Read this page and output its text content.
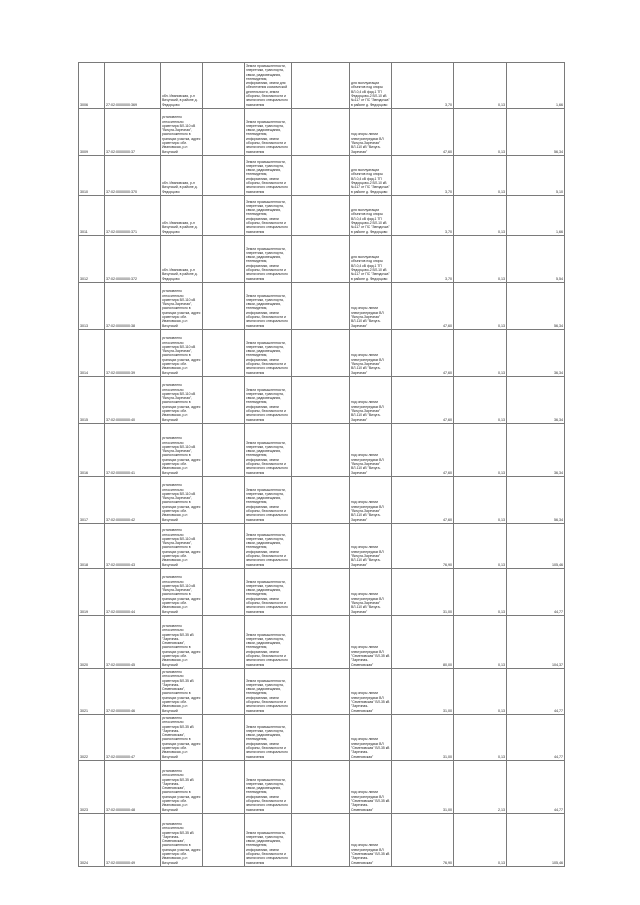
3006	27:02:0000000:369	обл. Ивановская, р-н Вичугский, в районе д. Федорцово		Земли промышленности, энергетики, транспорта, связи, радиовещания, телевидения, информатики, земли для обеспечения космической деятельности, земли обороны, безопасности и земли иного специального назначения		для эксплуатации объектов под опоры ВЛ-0,4 кВ фид.1 ТП Федорцово-2 ВЛ-10 кВ №117 от ПС "Звездочка" в районе д. Федорцово	3,70	0,13	1,66
3009	37:02:0000000:37	установлено относительно ориентира ВЛ-110 кВ "Вичуга-Заречная", расположенного в границах участка, адрес ориентира: обл. Ивановская, р-н Вичугский		Земли промышленности, энергетики, транспорта, связи, радиовещания, телевидения, информатики, земли обороны, безопасности и земли иного специального назначения		под опоры линии электропередачи ВЛ "Вичуга-Заречная" ВЛ-110 кВ "Вичуга-Заречная"	47,60	0,13	56,34
3010	37:02:0000000:370	обл. Ивановская, р-н Вичугский, в районе д. Федорцово		Земли промышленности, энергетики, транспорта, связи, радиовещания, телевидения, информатики, земли обороны, безопасности и земли иного специального назначения		для эксплуатации объектов под опоры ВЛ-0,4 кВ фид.1 ТП Федорцово-2 ВЛ-10 кВ №117 от ПС "Звездочка" в районе д. Федорцово	3,70	0,13	5,10
3011	37:02:0000000:371	обл. Ивановская, р-н Вичугский, в районе д. Федорцово		Земли промышленности, энергетики, транспорта, связи, радиовещания, телевидения, информатики, земли обороны, безопасности и земли иного специального назначения		для эксплуатации объектов под опоры ВЛ-0,4 кВ фид.1 ТП Федорцово-2 ВЛ-10 кВ №117 от ПС "Звездочка" в районе д. Федорцово	3,70	0,13	1,66
3012	37:02:0000000:372	обл. Ивановская, р-н Вичугский, в районе д. Федорцово		Земли промышленности, энергетики, транспорта, связи, радиовещания, телевидения, информатики, земли обороны, безопасности и земли иного специального назначения		для эксплуатации объектов под опоры ВЛ-0,4 кВ фид.1 ТП Федорцово-2 ВЛ-10 кВ №117 от ПС "Звездочка" в районе д. Федорцово	3,70	0,13	5,54
3013	37:02:0000000:38	установлено относительно ориентира ВЛ-110 кВ "Вичуга-Заречная", расположенного в границах участка, адрес ориентира: обл. Ивановская, р-н Вичугский		Земли промышленности, энергетики, транспорта, связи, радиовещания, телевидения, информатики, земли обороны, безопасности и земли иного специального назначения		под опоры линии электропередачи ВЛ "Вичуга-Заречная" ВЛ-110 кВ "Вичуга-Заречная"	47,60	0,13	56,34
3014	37:02:0000000:39	установлено относительно ориентира ВЛ-110 кВ "Вичуга-Заречная", расположенного в границах участка, адрес ориентира: обл. Ивановская, р-н Вичугский		Земли промышленности, энергетики, транспорта, связи, радиовещания, телевидения, информатики, земли обороны, безопасности и земли иного специального назначения		под опоры линии электропередачи ВЛ "Вичуга-Заречная" ВЛ-110 кВ "Вичуга-Заречная"	47,60	0,13	36,34
3015	37:02:0000000:40	установлено относительно ориентира ВЛ-110 кВ "Вичуга-Заречная", расположенного в границах участка, адрес ориентира: обл. Ивановская, р-н Вичугский		Земли промышленности, энергетики, транспорта, связи, радиовещания, телевидения, информатики, земли обороны, безопасности и земли иного специального назначения		под опоры линии электропередачи ВЛ "Вичуга-Заречная" ВЛ-110 кВ "Вичуга-Заречная"	47,60	0,13	36,34
3016	37:02:0000000:41	установлено относительно ориентира ВЛ-110 кВ "Вичуга-Заречная", расположенного в границах участка, адрес ориентира: обл. Ивановская, р-н Вичугский		Земли промышленности, энергетики, транспорта, связи, радиовещания, телевидения, информатики, земли обороны, безопасности и земли иного специального назначения		под опоры линии электропередачи ВЛ "Вичуга-Заречная" ВЛ-110 кВ "Вичуга-Заречная"	47,60	0,13	36,34
3017	37:02:0000000:42	установлено относительно ориентира ВЛ-110 кВ "Вичуга-Заречная", расположенного в границах участка, адрес ориентира: обл. Ивановская, р-н Вичугский		Земли промышленности, энергетики, транспорта, связи, радиовещания, телевидения, информатики, земли обороны, безопасности и земли иного специального назначения		под опоры линии электропередачи ВЛ "Вичуга-Заречная" ВЛ-110 кВ "Вичуга-Заречная"	47,60	0,13	56,34
3018	37:02:0000000:43	установлено относительно ориентира ВЛ-110 кВ "Вичуга-Заречная", расположенного в границах участка, адрес ориентира: обл. Ивановская, р-н Вичугский		Земли промышленности, энергетики, транспорта, связи, радиовещания, телевидения, информатики, земли обороны, безопасности и земли иного специального назначения		под опоры линии электропередачи ВЛ "Вичуга-Заречная" ВЛ-110 кВ "Вичуга-Заречная"	76,90	0,13	105,46
3019	37:02:0000000:44	установлено относительно ориентира ВЛ-110 кВ "Вичуга-Заречная", расположенного в границах участка, адрес ориентира: обл. Ивановская, р-н Вичугский		Земли промышленности, энергетики, транспорта, связи, радиовещания, телевидения, информатики, земли обороны, безопасности и земли иного специального назначения		под опоры линии электропередачи ВЛ "Вичуга-Заречная" ВЛ-110 кВ "Вичуга-Заречная"	31,00	0,13	44,77
3020	37:02:0000000:45	установлено относительно ориентира ВЛ-35 кВ "Заречная-Семеновская", расположенного в границах участка, адрес ориентира: обл. Ивановская, р-н Вичугский		Земли промышленности, энергетики, транспорта, связи, радиовещания, телевидения, информатики, земли обороны, безопасности и земли иного специального назначения		под опоры линии электропередачи ВЛ "Семеновская" ВЛ-35 кВ "Заречная-Семеновская"	80,00	0,13	104,37
3021	37:02:0000000:46	установлено относительно ориентира ВЛ-35 кВ "Заречная-Семеновская", расположенного в границах участка, адрес ориентира: обл. Ивановская, р-н Вичугский		Земли промышленности, энергетики, транспорта, связи, радиовещания, телевидения, информатики, земли обороны, безопасности и земли иного специального назначения		под опоры линии электропередачи ВЛ "Семеновская" ВЛ-35 кВ "Заречная-Семеновская"	31,00	0,13	44,77
3022	37:02:0000000:47	установлено относительно ориентира ВЛ-35 кВ "Заречная-Семеновская", расположенного в границах участка, адрес ориентира: обл. Ивановская, р-н Вичугский		Земли промышленности, энергетики, транспорта, связи, радиовещания, телевидения, информатики, земли обороны, безопасности и земли иного специального назначения		под опоры линии электропередачи ВЛ "Семеновская" ВЛ-35 кВ "Заречная-Семеновская"	31,00	0,13	44,77
3023	37:02:0000000:48	установлено относительно ориентира ВЛ-35 кВ "Заречная-Семеновская", расположенного в границах участка, адрес ориентира: обл. Ивановская, р-н Вичугский		Земли промышленности, энергетики, транспорта, связи, радиовещания, телевидения, информатики, земли обороны, безопасности и земли иного специального назначения		под опоры линии электропередачи ВЛ "Семеновская" ВЛ-35 кВ "Заречная-Семеновская"	31,00	2,13	44,77
3024	37:02:0000000:49	установлено относительно ориентира ВЛ-35 кВ "Заречная-Семеновская", расположенного в границах участка, адрес ориентира: обл. Ивановская, р-н Вичугский		Земли промышленности, энергетики, транспорта, связи, радиовещания, телевидения, информатики, земли обороны, безопасности и земли иного специального назначения		под опоры линии электропередачи ВЛ "Семеновская" ВЛ-35 кВ "Заречная-Семеновская"	76,90	0,13	105,46
